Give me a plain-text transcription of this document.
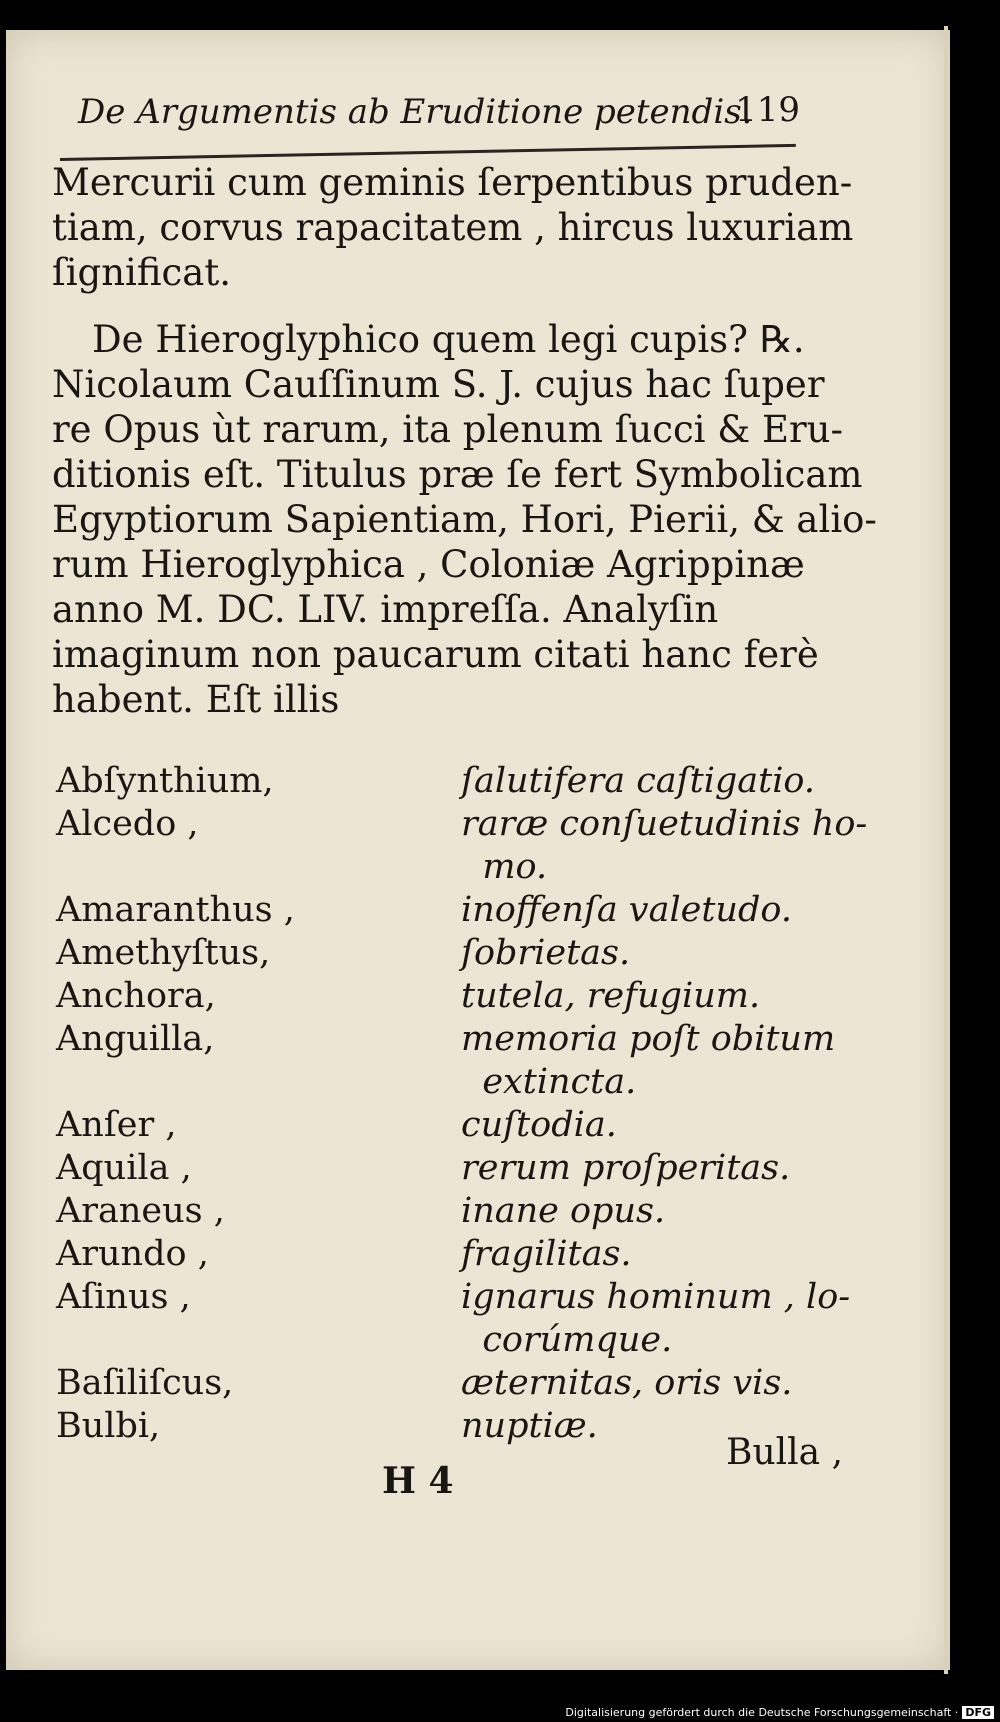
De Argumentis ab Eruditione petendis.
119
Mercurii cum geminis ſerpentibus pruden-
tiam, corvus rapacitatem , hircus luxuriam
ſignificat.
De Hieroglyphico quem legi cupis? ℞.
Nicolaum Cauſſinum S. J. cujus hac ſuper
re Opus ùt rarum, ita plenum ſucci & Eru-
ditionis eſt. Titulus præ ſe fert Symbolicam
Egyptiorum Sapientiam, Hori, Pierii, & alio-
rum Hieroglyphica , Coloniæ Agrippinæ
anno M. DC. LIV. impreſſa. Analyſin
imaginum non paucarum citati hanc ferè
habent. Eſt illis
Abſynthium,	ſalutifera caſtigatio.
Alcedo ,	raræ conſuetudinis ho-
mo.
Amaranthus ,	inoffenſa valetudo.
Amethyſtus,	ſobrietas.
Anchora,	tutela, refugium.
Anguilla,	memoria poſt obitum
extincta.
Anſer ,	cuſtodia.
Aquila ,	rerum proſperitas.
Araneus ,	inane opus.
Arundo ,	fragilitas.
Aſinus ,	ignarus hominum , lo-
corúmque.
Baſiliſcus,	æternitas, oris vis.
Bulbi,	nuptiæ.
H 4
Bulla ,
Digitalisierung gefördert durch die Deutsche Forschungsgemeinschaft · DFG
